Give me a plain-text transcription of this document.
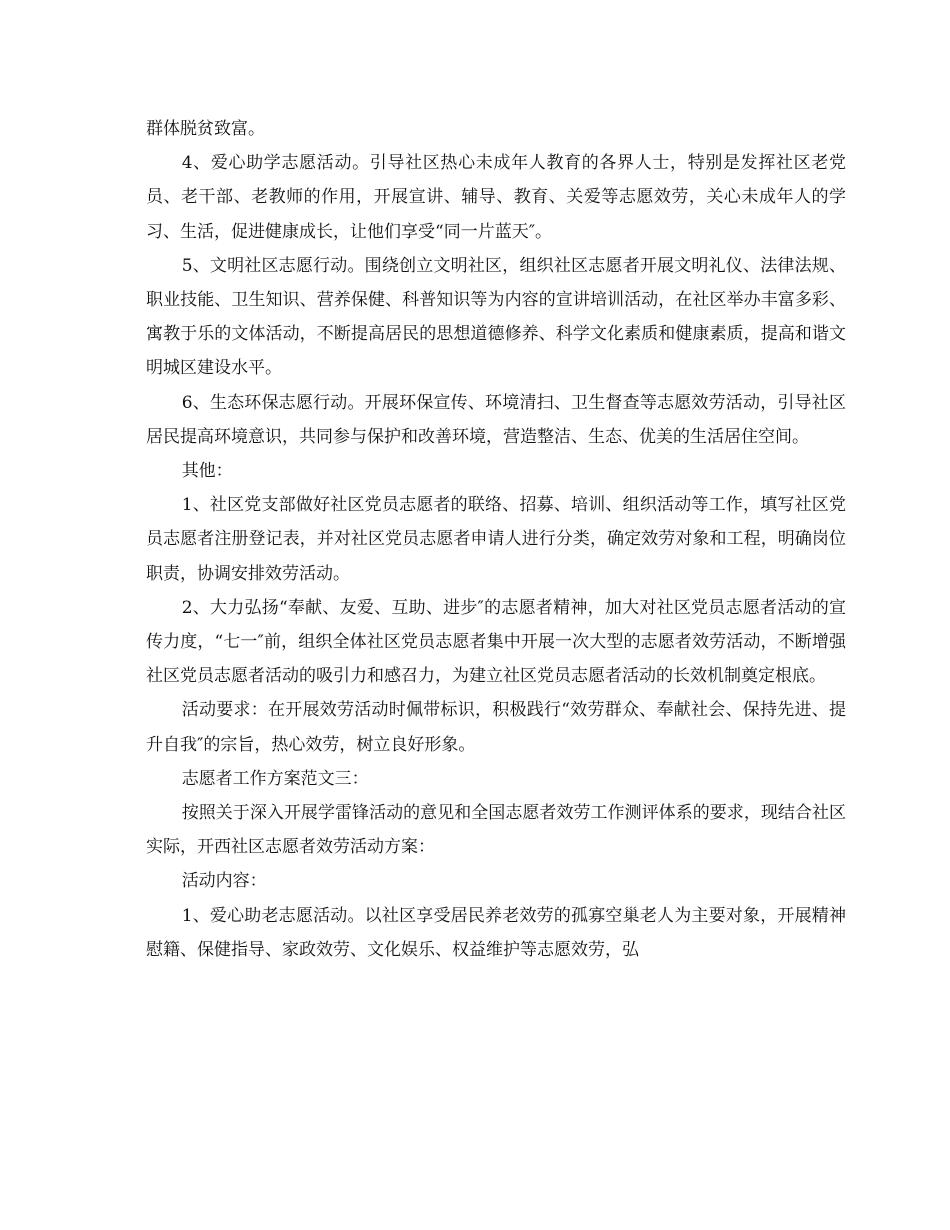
群体脱贫致富。

4、爱心助学志愿活动。引导社区热心未成年人教育的各界人士，特别是发挥社区老党员、老干部、老教师的作用，开展宣讲、辅导、教育、关爱等志愿效劳，关心未成年人的学习、生活，促进健康成长，让他们享受“同一片蓝天″。

5、文明社区志愿行动。围绕创立文明社区，组织社区志愿者开展文明礼仪、法律法规、职业技能、卫生知识、营养保健、科普知识等为内容的宣讲培训活动，在社区举办丰富多彩、寓教于乐的文体活动，不断提高居民的思想道德修养、科学文化素质和健康素质，提高和谐文明城区建设水平。

6、生态环保志愿行动。开展环保宣传、环境清扫、卫生督查等志愿效劳活动，引导社区居民提高环境意识，共同参与保护和改善环境，营造整洁、生态、优美的生活居住空间。

其他：

1、社区党支部做好社区党员志愿者的联络、招募、培训、组织活动等工作，填写社区党员志愿者注册登记表，并对社区党员志愿者申请人进行分类，确定效劳对象和工程，明确岗位职责，协调安排效劳活动。

2、大力弘扬“奉献、友爱、互助、进步″的志愿者精神，加大对社区党员志愿者活动的宣传力度，“七一″前，组织全体社区党员志愿者集中开展一次大型的志愿者效劳活动，不断增强社区党员志愿者活动的吸引力和感召力，为建立社区党员志愿者活动的长效机制奠定根底。

活动要求：在开展效劳活动时佩带标识，积极践行“效劳群众、奉献社会、保持先进、提升自我″的宗旨，热心效劳，树立良好形象。

志愿者工作方案范文三：

按照关于深入开展学雷锋活动的意见和全国志愿者效劳工作测评体系的要求，现结合社区实际，开西社区志愿者效劳活动方案：

活动内容：

1、爱心助老志愿活动。以社区享受居民养老效劳的孤寡空巢老人为主要对象，开展精神慰籍、保健指导、家政效劳、文化娱乐、权益维护等志愿效劳，弘
